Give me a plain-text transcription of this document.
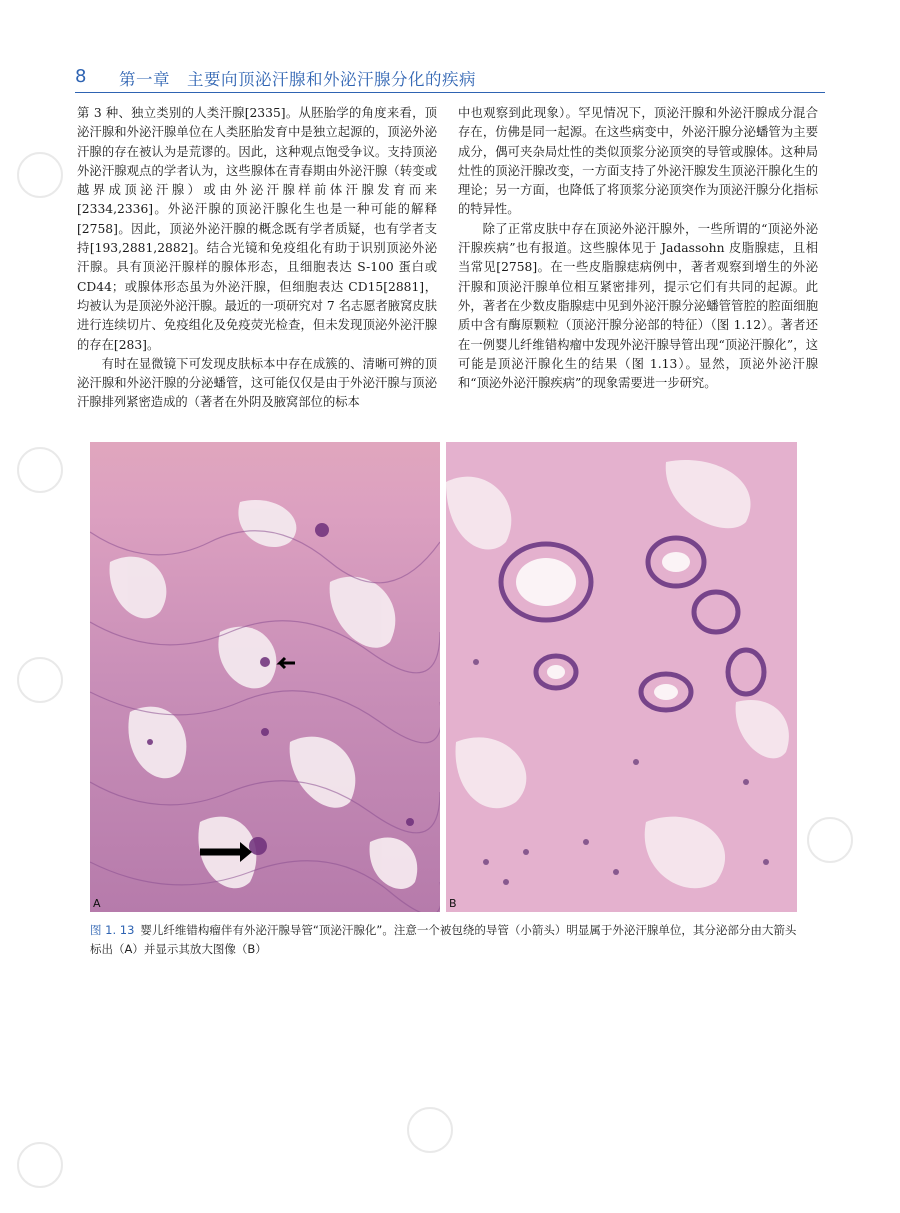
8 第一章　主要向顶泌汗腺和外泌汗腺分化的疾病

第 3 种、独立类别的人类汗腺[2335]。从胚胎学的角度来看，顶泌汗腺和外泌汗腺单位在人类胚胎发育中是独立起源的，顶泌外泌汗腺的存在被认为是荒谬的。因此，这种观点饱受争议。支持顶泌外泌汗腺观点的学者认为，这些腺体在青春期由外泌汗腺（转变或越界成顶泌汗腺）或由外泌汗腺样前体汗腺发育而来[2334,2336]。外泌汗腺的顶泌汗腺化生也是一种可能的解释[2758]。因此，顶泌外泌汗腺的概念既有学者质疑，也有学者支持[193,2881,2882]。结合光镜和免疫组化有助于识别顶泌外泌汗腺。具有顶泌汗腺样的腺体形态，且细胞表达 S-100 蛋白或 CD44；或腺体形态虽为外泌汗腺，但细胞表达 CD15[2881]，均被认为是顶泌外泌汗腺。最近的一项研究对 7 名志愿者腋窝皮肤进行连续切片、免疫组化及免疫荧光检查，但未发现顶泌外泌汗腺的存在[283]。

有时在显微镜下可发现皮肤标本中存在成簇的、清晰可辨的顶泌汗腺和外泌汗腺的分泌蟠管，这可能仅仅是由于外泌汗腺与顶泌汗腺排列紧密造成的（著者在外阴及腋窝部位的标本

中也观察到此现象）。罕见情况下，顶泌汗腺和外泌汗腺成分混合存在，仿佛是同一起源。在这些病变中，外泌汗腺分泌蟠管为主要成分，偶可夹杂局灶性的类似顶浆分泌顶突的导管或腺体。这种局灶性的顶泌汗腺改变，一方面支持了外泌汗腺发生顶泌汗腺化生的理论；另一方面，也降低了将顶浆分泌顶突作为顶泌汗腺分化指标的特异性。

除了正常皮肤中存在顶泌外泌汗腺外，一些所谓的“顶泌外泌汗腺疾病”也有报道。这些腺体见于 Jadassohn 皮脂腺痣，且相当常见[2758]。在一些皮脂腺痣病例中，著者观察到增生的外泌汗腺和顶泌汗腺单位相互紧密排列，提示它们有共同的起源。此外，著者在少数皮脂腺痣中见到外泌汗腺分泌蟠管管腔的腔面细胞质中含有酶原颗粒（顶泌汗腺分泌部的特征）（图 1.12）。著者还在一例婴儿纤维错构瘤中发现外泌汗腺导管出现“顶泌汗腺化”，这可能是顶泌汗腺化生的结果（图 1.13）。显然，顶泌外泌汗腺和“顶泌外泌汗腺疾病”的现象需要进一步研究。

A	B
图 1. 13 婴儿纤维错构瘤伴有外泌汗腺导管“顶泌汗腺化”。注意一个被包绕的导管（小箭头）明显属于外泌汗腺单位，其分泌部分由大箭头标出（A）并显示其放大图像（B）
